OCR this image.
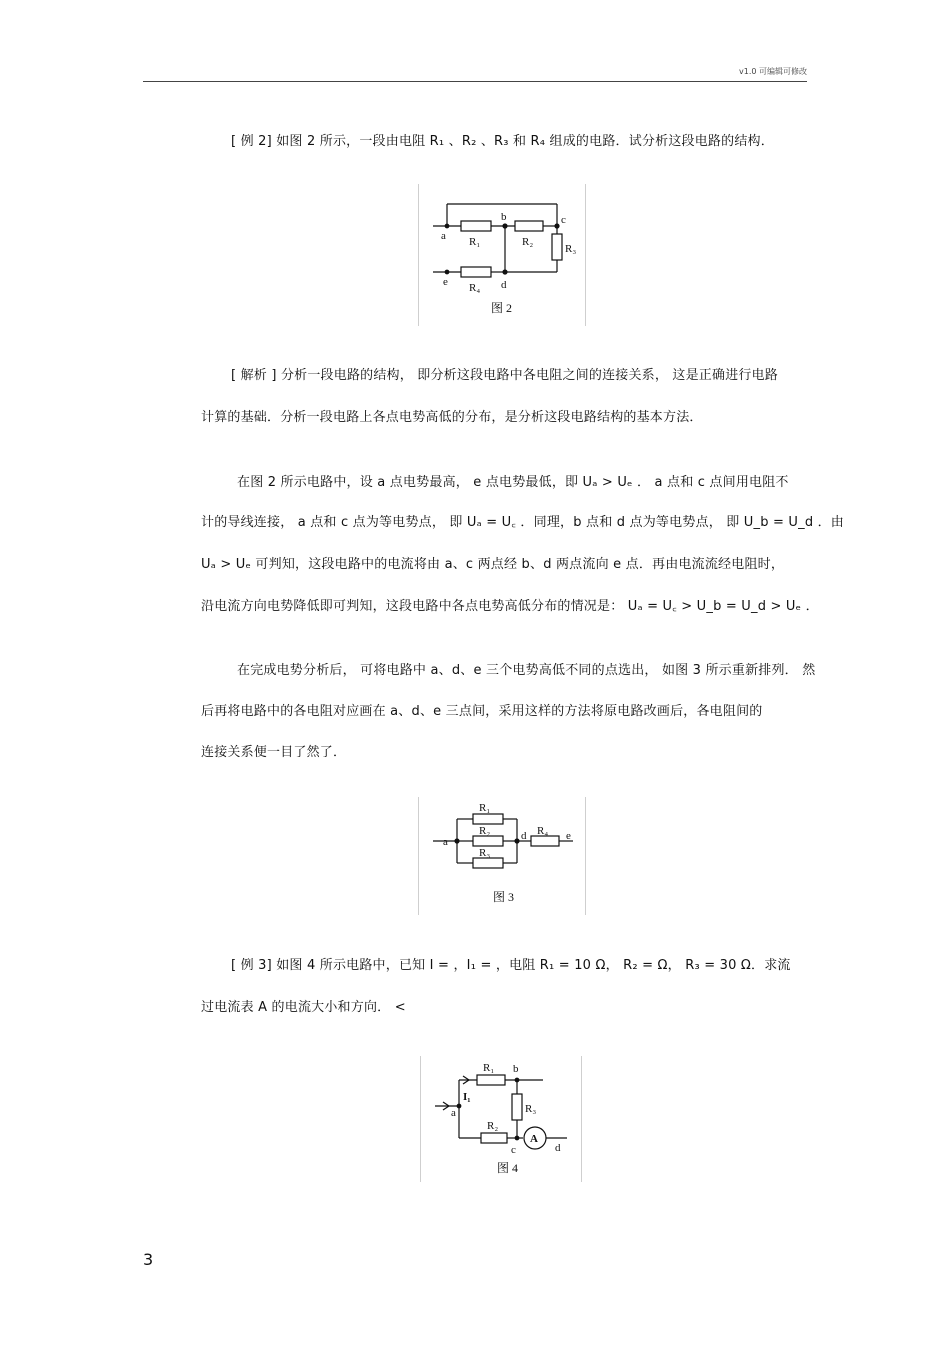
v1.0 可编辑可修改
[ 例 2] 如图 2 所示，一段由电阻 R₁ 、R₂ 、R₃ 和 R₄ 组成的电路．试分析这段电路的结构．
a
b	c
d
e
R₁	R₂
R₃
R₄
图 2
[ 解析 ] 分析一段电路的结构， 即分析这段电路中各电阻之间的连接关系， 这是正确进行电路
计算的基础．分析一段电路上各点电势高低的分布，是分析这段电路结构的基本方法．
在图 2 所示电路中，设 a 点电势最高， e 点电势最低，即 Uₐ > Uₑ ． a 点和 c 点间用电阻不
计的导线连接， a 点和 c 点为等电势点， 即 Uₐ = U꜀ ．同理，b 点和 d 点为等电势点， 即 U_b = U_d ．由
Uₐ > Uₑ 可判知，这段电路中的电流将由 a、c 两点经 b、d 两点流向 e 点．再由电流流经电阻时，
沿电流方向电势降低即可判知，这段电路中各点电势高低分布的情况是： Uₐ = U꜀ > U_b = U_d > Uₑ ．
在完成电势分析后， 可将电路中 a、d、e 三个电势高低不同的点选出， 如图 3 所示重新排列． 然
后再将电路中的各电阻对应画在 a、d、e 三点间，采用这样的方法将原电路改画后，各电阻间的
连接关系便一目了然了．
a	d	e
R₁
R₂
R₃
R₄
图 3
[ 例 3] 如图 4 所示电路中，已知 I = ，I₁ = ，电阻 R₁ = 10 Ω， R₂ = Ω， R₃ = 30 Ω．求流
过电流表 A 的电流大小和方向． <
a
b
c	d
I₁
R₁
R₂
R₃
A
图 4
3
